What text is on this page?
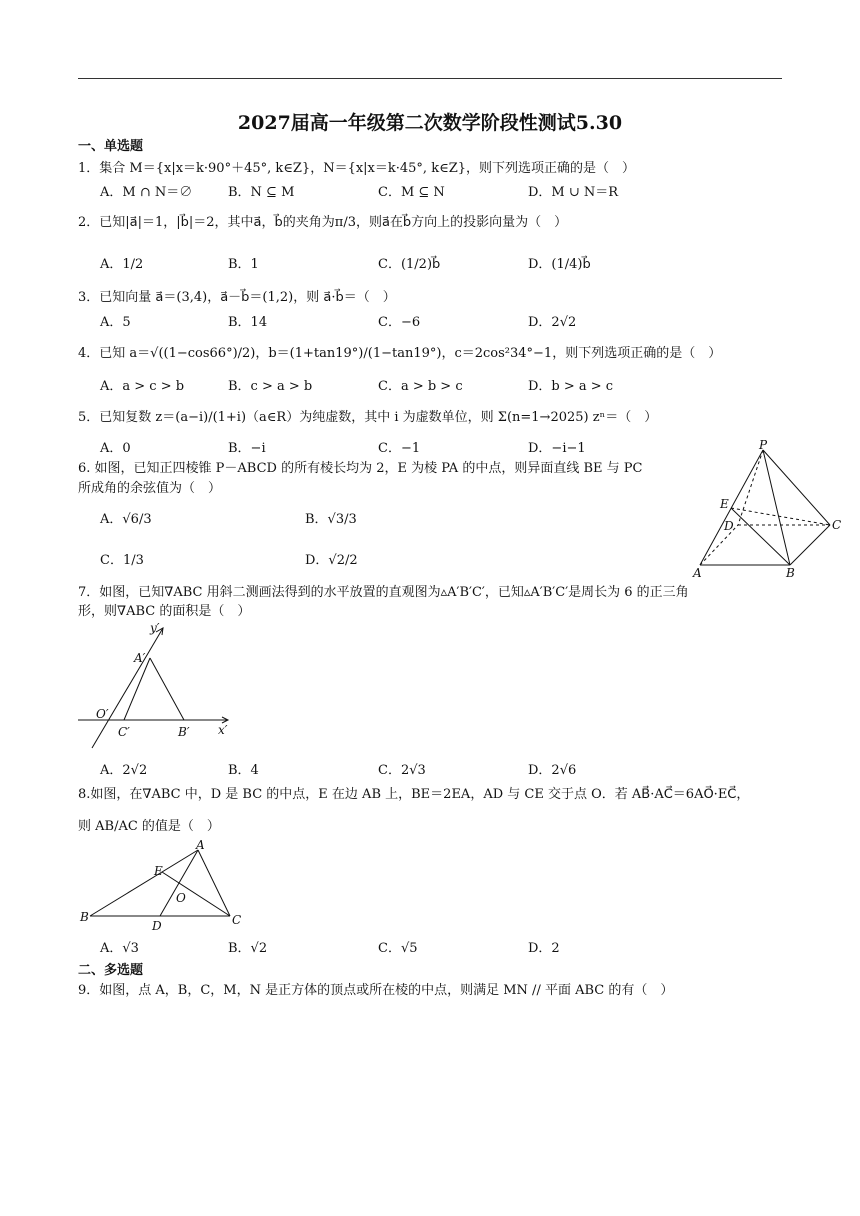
2027届高一年级第二次数学阶段性测试5.30
一、单选题
1．集合 M＝{x|x＝k·90°＋45°, k∈Z}，N＝{x|x＝k·45°, k∈Z}，则下列选项正确的是（　）
A．M ∩ N＝∅	B．N ⊆ M	C．M ⊆ N	D．M ∪ N＝R
2．已知|a⃗|＝1，|b⃗|＝2，其中a⃗，b⃗的夹角为π/3，则a⃗在b⃗方向上的投影向量为（　）
A．1/2	B．1	C．(1/2)b⃗	D．(1/4)b⃗
3．已知向量 a⃗＝(3,4)，a⃗－b⃗＝(1,2)，则 a⃗·b⃗＝（　）
A．5	B．14	C．−6	D．2√2
4．已知 a＝√((1−cos66°)/2)，b＝(1+tan19°)/(1−tan19°)，c＝2cos²34°−1，则下列选项正确的是（　）
A．a > c > b	B．c > a > b	C．a > b > c	D．b > a > c
5．已知复数 z＝(a−i)/(1+i)（a∈R）为纯虚数，其中 i 为虚数单位，则 Σ(n=1→2025) zⁿ＝（　）
A．0	B．−i	C．−1	D．−i−1
6. 如图，已知正四棱锥 P－ABCD 的所有棱长均为 2，E 为棱 PA 的中点，则异面直线 BE 与 PC
所成角的余弦值为（　）
A．√6/3	B．√3/3
C．1/3	D．√2/2
P
E
D	C
A	B
7．如图，已知∇ABC 用斜二测画法得到的水平放置的直观图为▵A′B′C′，已知▵A′B′C′是周长为 6 的正三角
形，则∇ABC 的面积是（　）
y′
A′
O′
C′	B′ x′
A．2√2	B．4	C．2√3	D．2√6
8.如图，在∇ABC 中，D 是 BC 的中点，E 在边 AB 上，BE＝2EA，AD 与 CE 交于点 O．若 AB⃗·AC⃗＝6AO⃗·EC⃗，
则 AB/AC 的值是（　）
A
E
O
B
D	C
A．√3	B．√2	C．√5	D．2
二、多选题
9．如图，点 A，B，C，M，N 是正方体的顶点或所在棱的中点，则满足 MN // 平面 ABC 的有（　）
